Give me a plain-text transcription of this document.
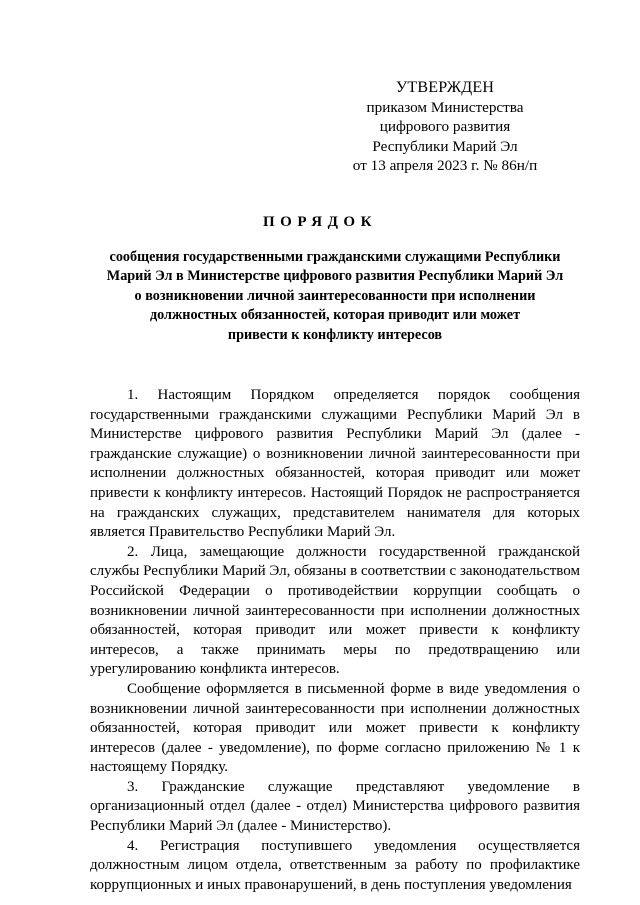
УТВЕРЖДЕН
приказом Министерства
цифрового развития
Республики Марий Эл
от 13 апреля 2023 г. № 86н/п
ПОРЯДОК
сообщения государственными гражданскими служащими Республики
Марий Эл в Министерстве цифрового развития Республики Марий Эл
о возникновении личной заинтересованности при исполнении
должностных обязанностей, которая приводит или может
привести к конфликту интересов

1. Настоящим Порядком определяется порядок сообщения государственными гражданскими служащими Республики Марий Эл в Министерстве цифрового развития Республики Марий Эл (далее - гражданские служащие) о возникновении личной заинтересованности при исполнении должностных обязанностей, которая приводит или может привести к конфликту интересов. Настоящий Порядок не распространяется на гражданских служащих, представителем нанимателя для которых является Правительство Республики Марий Эл.

2. Лица, замещающие должности государственной гражданской службы Республики Марий Эл, обязаны в соответствии с законодательством Российской Федерации о противодействии коррупции сообщать о возникновении личной заинтересованности при исполнении должностных обязанностей, которая приводит или может привести к конфликту интересов, а также принимать меры по предотвращению или урегулированию конфликта интересов.

Сообщение оформляется в письменной форме в виде уведомления о возникновении личной заинтересованности при исполнении должностных обязанностей, которая приводит или может привести к конфликту интересов (далее - уведомление), по форме согласно приложению № 1 к настоящему Порядку.

3. Гражданские служащие представляют уведомление в организационный отдел (далее - отдел) Министерства цифрового развития Республики Марий Эл (далее - Министерство).

4. Регистрация поступившего уведомления осуществляется должностным лицом отдела, ответственным за работу по профилактике коррупционных и иных правонарушений, в день поступления уведомления
